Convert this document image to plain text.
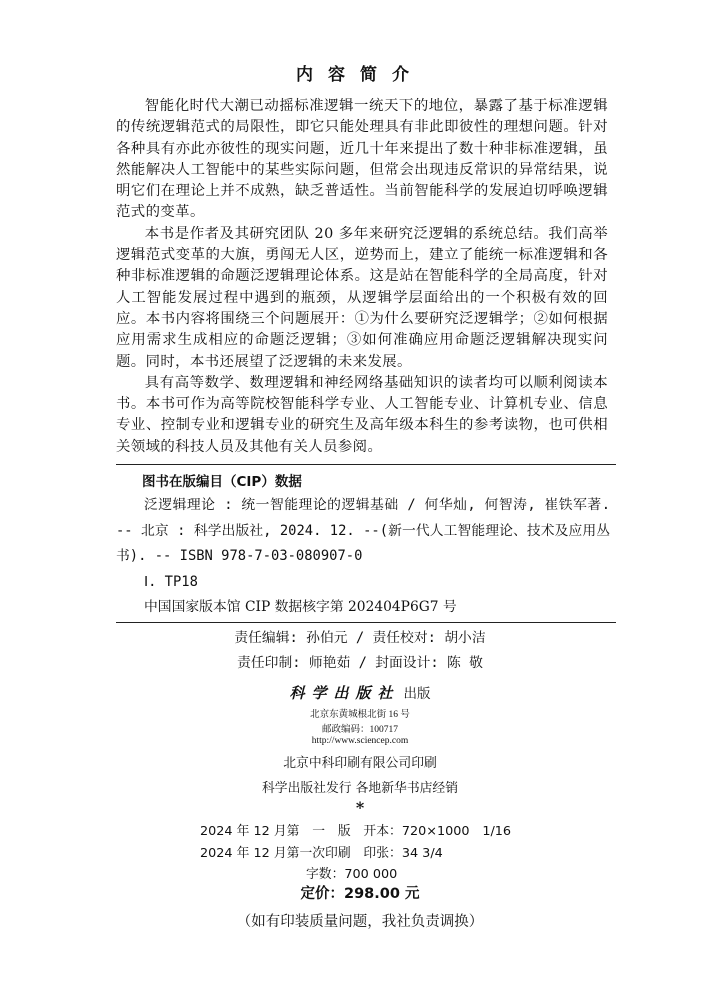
内容简介

智能化时代大潮已动摇标准逻辑一统天下的地位，暴露了基于标准逻辑的传统逻辑范式的局限性，即它只能处理具有非此即彼性的理想问题。针对各种具有亦此亦彼性的现实问题，近几十年来提出了数十种非标准逻辑，虽然能解决人工智能中的某些实际问题，但常会出现违反常识的异常结果，说明它们在理论上并不成熟，缺乏普适性。当前智能科学的发展迫切呼唤逻辑范式的变革。

本书是作者及其研究团队 20 多年来研究泛逻辑的系统总结。我们高举逻辑范式变革的大旗，勇闯无人区，逆势而上，建立了能统一标准逻辑和各种非标准逻辑的命题泛逻辑理论体系。这是站在智能科学的全局高度，针对人工智能发展过程中遇到的瓶颈，从逻辑学层面给出的一个积极有效的回应。本书内容将围绕三个问题展开：①为什么要研究泛逻辑学；②如何根据应用需求生成相应的命题泛逻辑；③如何准确应用命题泛逻辑解决现实问题。同时，本书还展望了泛逻辑的未来发展。

具有高等数学、数理逻辑和神经网络基础知识的读者均可以顺利阅读本书。本书可作为高等院校智能科学专业、人工智能专业、计算机专业、信息专业、控制专业和逻辑专业的研究生及高年级本科生的参考读物，也可供相关领域的科技人员及其他有关人员参阅。

图书在版编目（CIP）数据
泛逻辑理论 : 统一智能理论的逻辑基础 / 何华灿, 何智涛, 崔铁军著. -- 北京 : 科学出版社, 2024. 12. --(新一代人工智能理论、技术及应用丛书). -- ISBN 978-7-03-080907-0
Ⅰ. TP18
中国国家版本馆 CIP 数据核字第 202404P6G7 号
责任编辑: 孙伯元 / 责任校对: 胡小洁
责任印制: 师艳茹 / 封面设计: 陈 敬
科学出版社 出版
北京东黄城根北街 16 号
邮政编码：100717
http://www.sciencep.com
北京中科印刷有限公司印刷
科学出版社发行 各地新华书店经销
*
2024 年 12 月第　一　版　开本：720×1000　1/16
2024 年 12 月第一次印刷　印张：34 3/4
字数：700 000
定价：298.00 元
（如有印装质量问题，我社负责调换）
